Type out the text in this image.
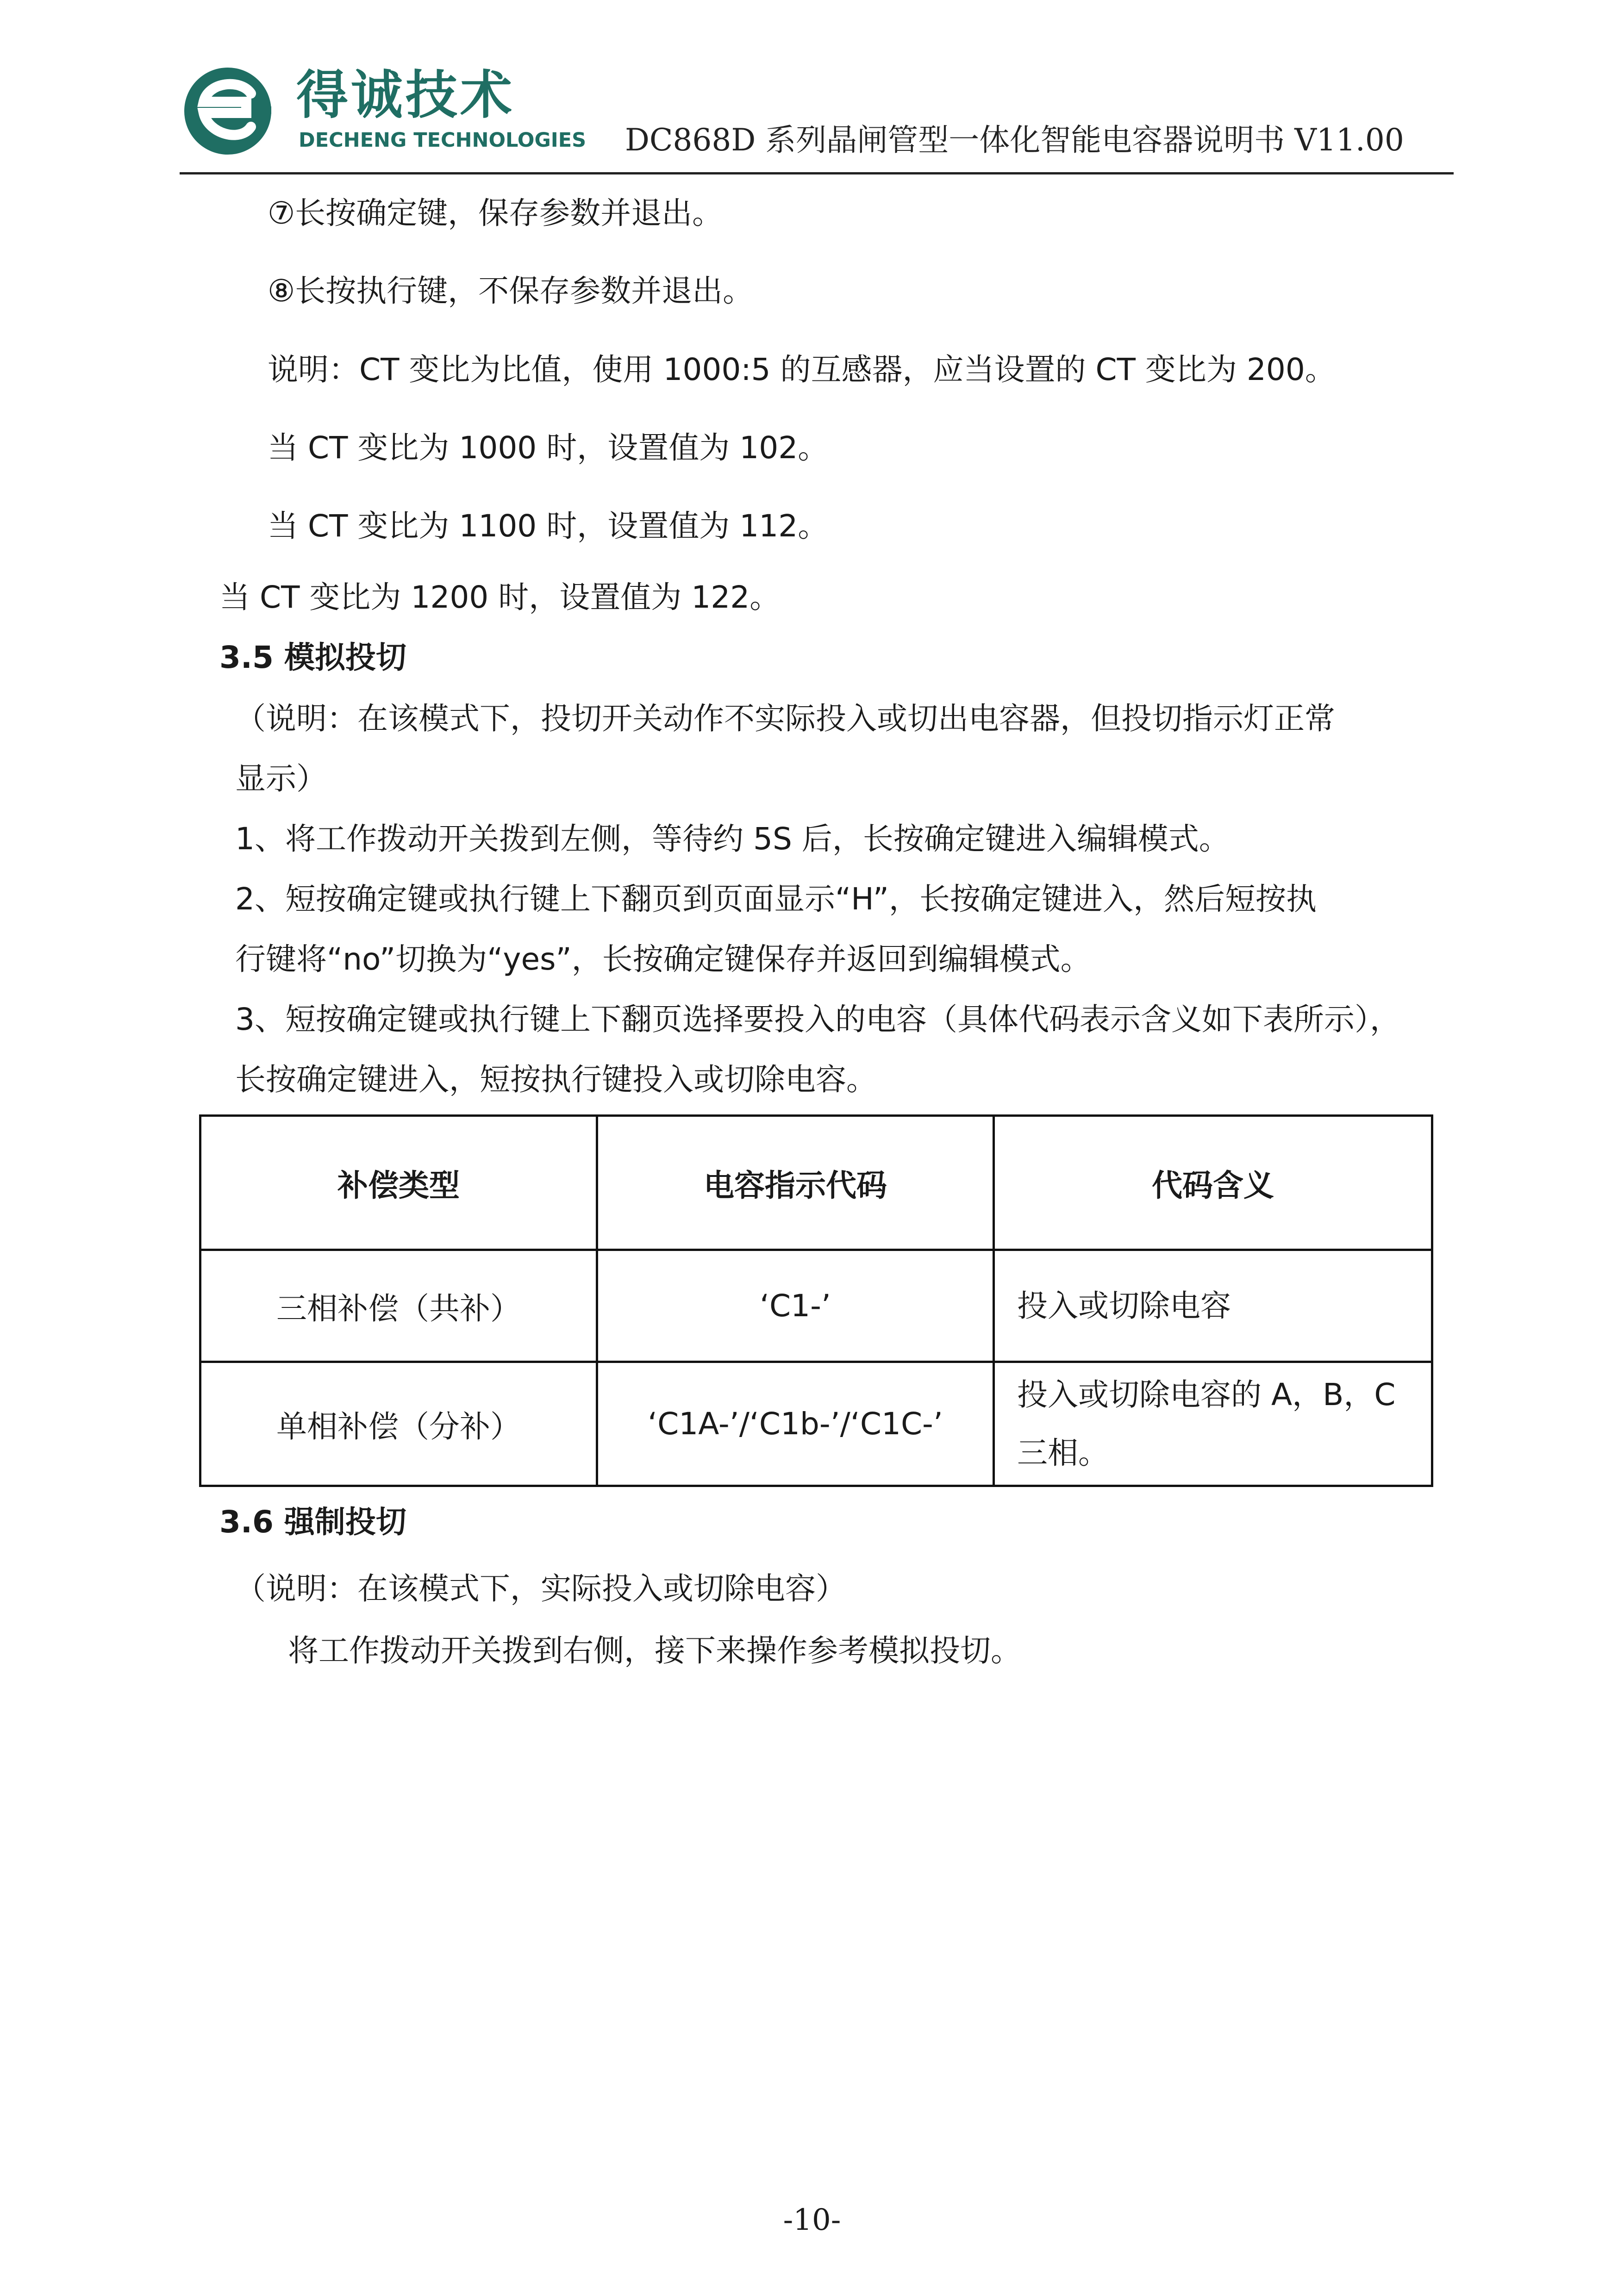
得诚技术
DECHENG TECHNOLOGIES DC868D 系列晶闸管型一体化智能电容器说明书 V11.00
⑦长按确定键，保存参数并退出。
⑧长按执行键，不保存参数并退出。
说明：CT 变比为比值，使用 1000:5 的互感器，应当设置的 CT 变比为 200。
当 CT 变比为 1000 时，设置值为 102。
当 CT 变比为 1100 时，设置值为 112。
当 CT 变比为 1200 时，设置值为 122。
3.5 模拟投切
（说明：在该模式下，投切开关动作不实际投入或切出电容器，但投切指示灯正常
显示）
1、将工作拨动开关拨到左侧，等待约 5S 后，长按确定键进入编辑模式。
2、短按确定键或执行键上下翻页到页面显示“H”，长按确定键进入，然后短按执
行键将“no”切换为“yes”，长按确定键保存并返回到编辑模式。
3、短按确定键或执行键上下翻页选择要投入的电容（具体代码表示含义如下表所示），
长按确定键进入，短按执行键投入或切除电容。
补偿类型	电容指示代码	代码含义
三相补偿（共补）	‘C1-’	投入或切除电容
单相补偿（分补）	‘C1A-’/‘C1b-’/‘C1C-’	投入或切除电容的 A，B，C
三相。
3.6 强制投切
（说明：在该模式下，实际投入或切除电容）
将工作拨动开关拨到右侧，接下来操作参考模拟投切。
-10-
